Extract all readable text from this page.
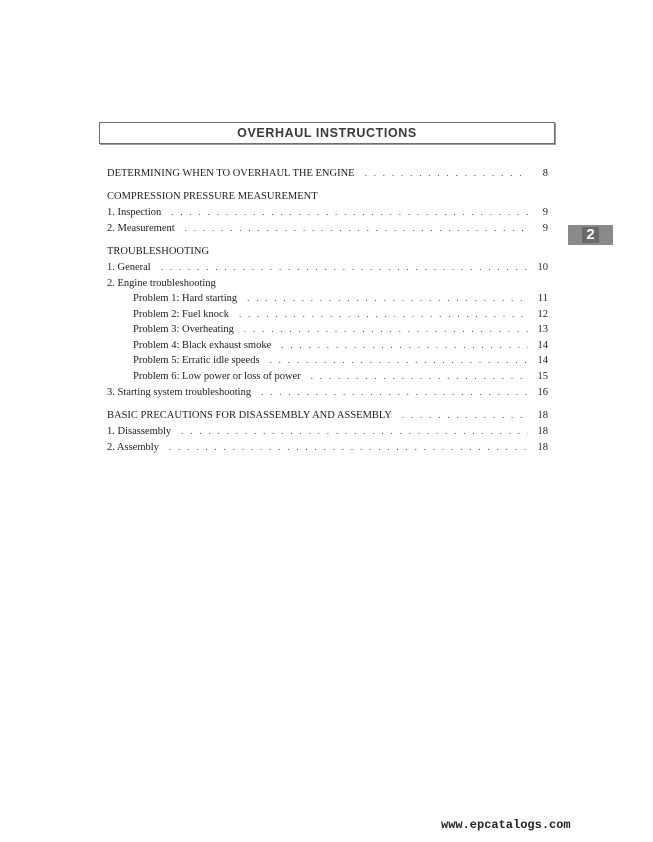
OVERHAUL INSTRUCTIONS
DETERMINING WHEN TO OVERHAUL THE ENGINE . . .	8
COMPRESSION PRESSURE MEASUREMENT
1. Inspection . . .	9
2. Measurement . . .	9
TROUBLESHOOTING
1. General . . .	10
2. Engine troubleshooting
Problem 1: Hard starting . . .	11
Problem 2: Fuel knock . . .	12
Problem 3: Overheating . . .	13
Problem 4: Black exhaust smoke . . .	14
Problem 5: Erratic idle speeds . . .	14
Problem 6: Low power or loss of power . . .	15
3. Starting system troubleshooting . . .	16
BASIC PRECAUTIONS FOR DISASSEMBLY AND ASSEMBLY . . .	18
1. Disassembly . . .	18
2. Assembly . . .	18
2
www.epcatalogs.com
